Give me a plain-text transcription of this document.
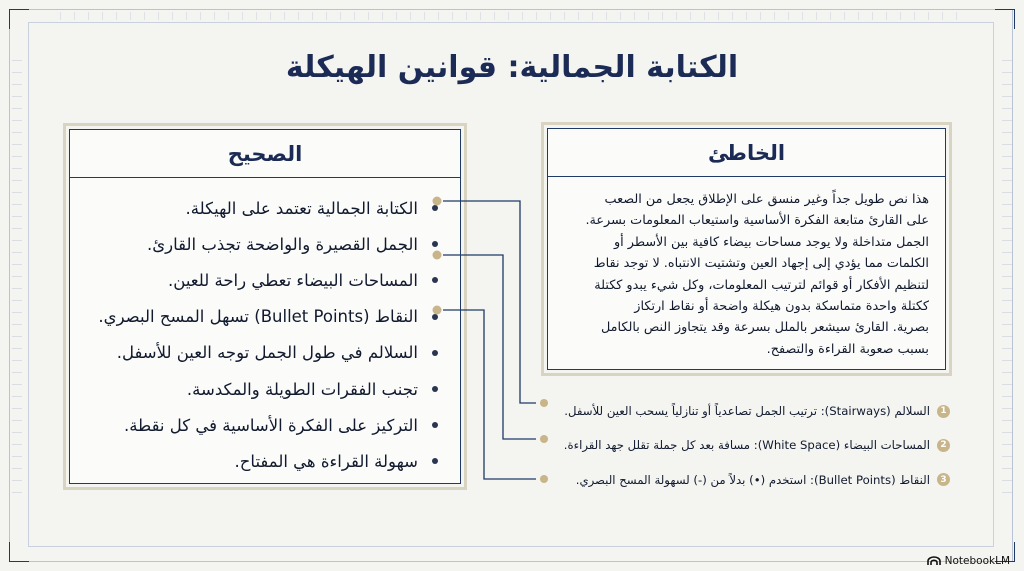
الكتابة الجمالية: قوانين الهيكلة
الصحيح
الكتابة الجمالية تعتمد على الهيكلة.
الجمل القصيرة والواضحة تجذب القارئ.
المساحات البيضاء تعطي راحة للعين.
النقاط (Bullet Points) تسهل المسح البصري.
السلالم في طول الجمل توجه العين للأسفل.
تجنب الفقرات الطويلة والمكدسة.
التركيز على الفكرة الأساسية في كل نقطة.
سهولة القراءة هي المفتاح.
الخاطئ
هذا نص طويل جداً وغير منسق على الإطلاق يجعل من الصعب
على القارئ متابعة الفكرة الأساسية واستيعاب المعلومات بسرعة.
الجمل متداخلة ولا يوجد مساحات بيضاء كافية بين الأسطر أو
الكلمات مما يؤدي إلى إجهاد العين وتشتيت الانتباه. لا توجد نقاط
لتنظيم الأفكار أو قوائم لترتيب المعلومات، وكل شيء يبدو ككتلة
ككتلة واحدة متماسكة بدون هيكلة واضحة أو نقاط ارتكاز
بصرية. القارئ سيشعر بالملل بسرعة وقد يتجاوز النص بالكامل
بسبب صعوبة القراءة والتصفح.
1
السلالم (Stairways): ترتيب الجمل تصاعدياً أو تنازلياً يسحب العين للأسفل.
2
المساحات البيضاء (White Space): مسافة بعد كل جملة تقلل جهد القراءة.
3
النقاط (Bullet Points): استخدم (•) بدلاً من (-) لسهولة المسح البصري.
NotebookLM
